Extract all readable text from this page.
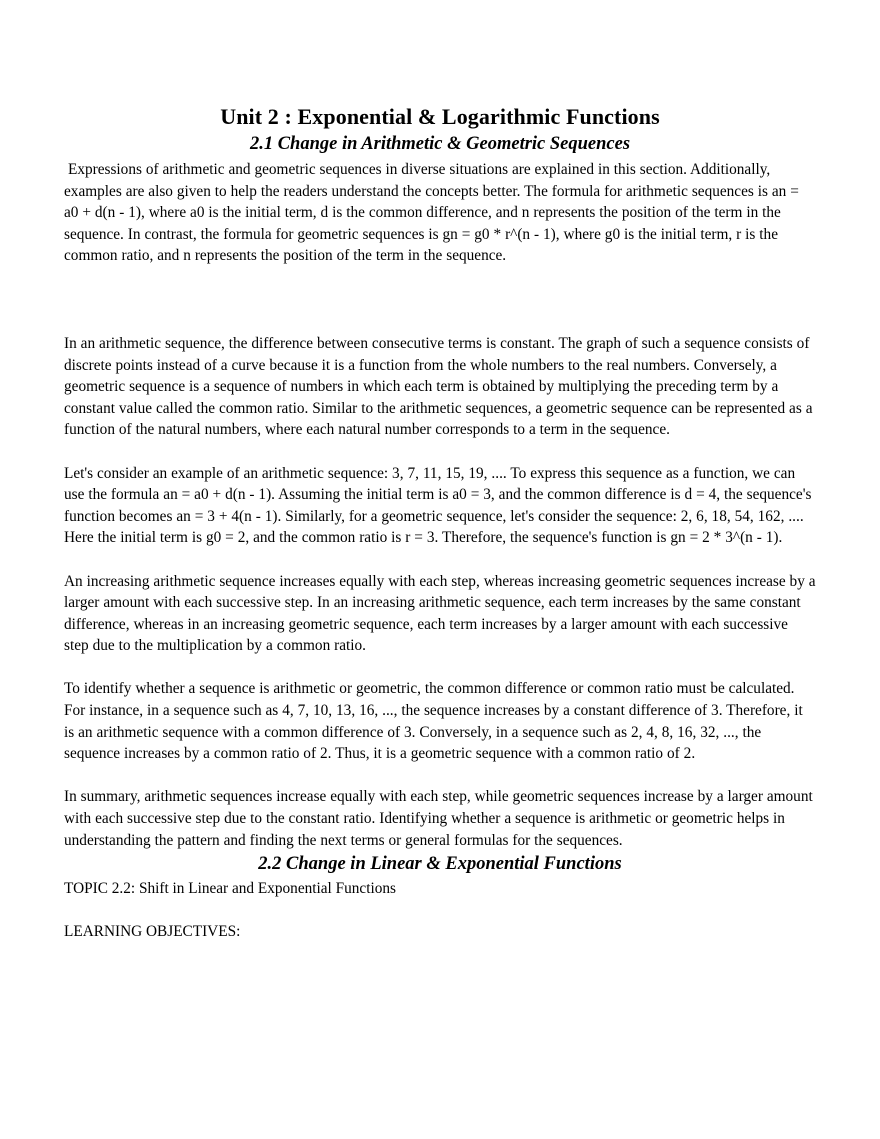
Unit 2 : Exponential & Logarithmic Functions
2.1 Change in Arithmetic & Geometric Sequences

Expressions of arithmetic and geometric sequences in diverse situations are explained in this section. Additionally, examples are also given to help the readers understand the concepts better. The formula for arithmetic sequences is an = a0 + d(n - 1), where a0 is the initial term, d is the common difference, and n represents the position of the term in the sequence. In contrast, the formula for geometric sequences is gn = g0 * r^(n - 1), where g0 is the initial term, r is the common ratio, and n represents the position of the term in the sequence.

In an arithmetic sequence, the difference between consecutive terms is constant. The graph of such a sequence consists of discrete points instead of a curve because it is a function from the whole numbers to the real numbers. Conversely, a geometric sequence is a sequence of numbers in which each term is obtained by multiplying the preceding term by a constant value called the common ratio. Similar to the arithmetic sequences, a geometric sequence can be represented as a function of the natural numbers, where each natural number corresponds to a term in the sequence.

Let's consider an example of an arithmetic sequence: 3, 7, 11, 15, 19, .... To express this sequence as a function, we can use the formula an = a0 + d(n - 1). Assuming the initial term is a0 = 3, and the common difference is d = 4, the sequence's function becomes an = 3 + 4(n - 1). Similarly, for a geometric sequence, let's consider the sequence: 2, 6, 18, 54, 162, .... Here the initial term is g0 = 2, and the common ratio is r = 3. Therefore, the sequence's function is gn = 2 * 3^(n - 1).

An increasing arithmetic sequence increases equally with each step, whereas increasing geometric sequences increase by a larger amount with each successive step. In an increasing arithmetic sequence, each term increases by the same constant difference, whereas in an increasing geometric sequence, each term increases by a larger amount with each successive step due to the multiplication by a common ratio.

To identify whether a sequence is arithmetic or geometric, the common difference or common ratio must be calculated. For instance, in a sequence such as 4, 7, 10, 13, 16, ..., the sequence increases by a constant difference of 3. Therefore, it is an arithmetic sequence with a common difference of 3. Conversely, in a sequence such as 2, 4, 8, 16, 32, ..., the sequence increases by a common ratio of 2. Thus, it is a geometric sequence with a common ratio of 2.

In summary, arithmetic sequences increase equally with each step, while geometric sequences increase by a larger amount with each successive step due to the constant ratio. Identifying whether a sequence is arithmetic or geometric helps in understanding the pattern and finding the next terms or general formulas for the sequences.

2.2 Change in Linear & Exponential Functions

TOPIC 2.2: Shift in Linear and Exponential Functions

LEARNING OBJECTIVES:
